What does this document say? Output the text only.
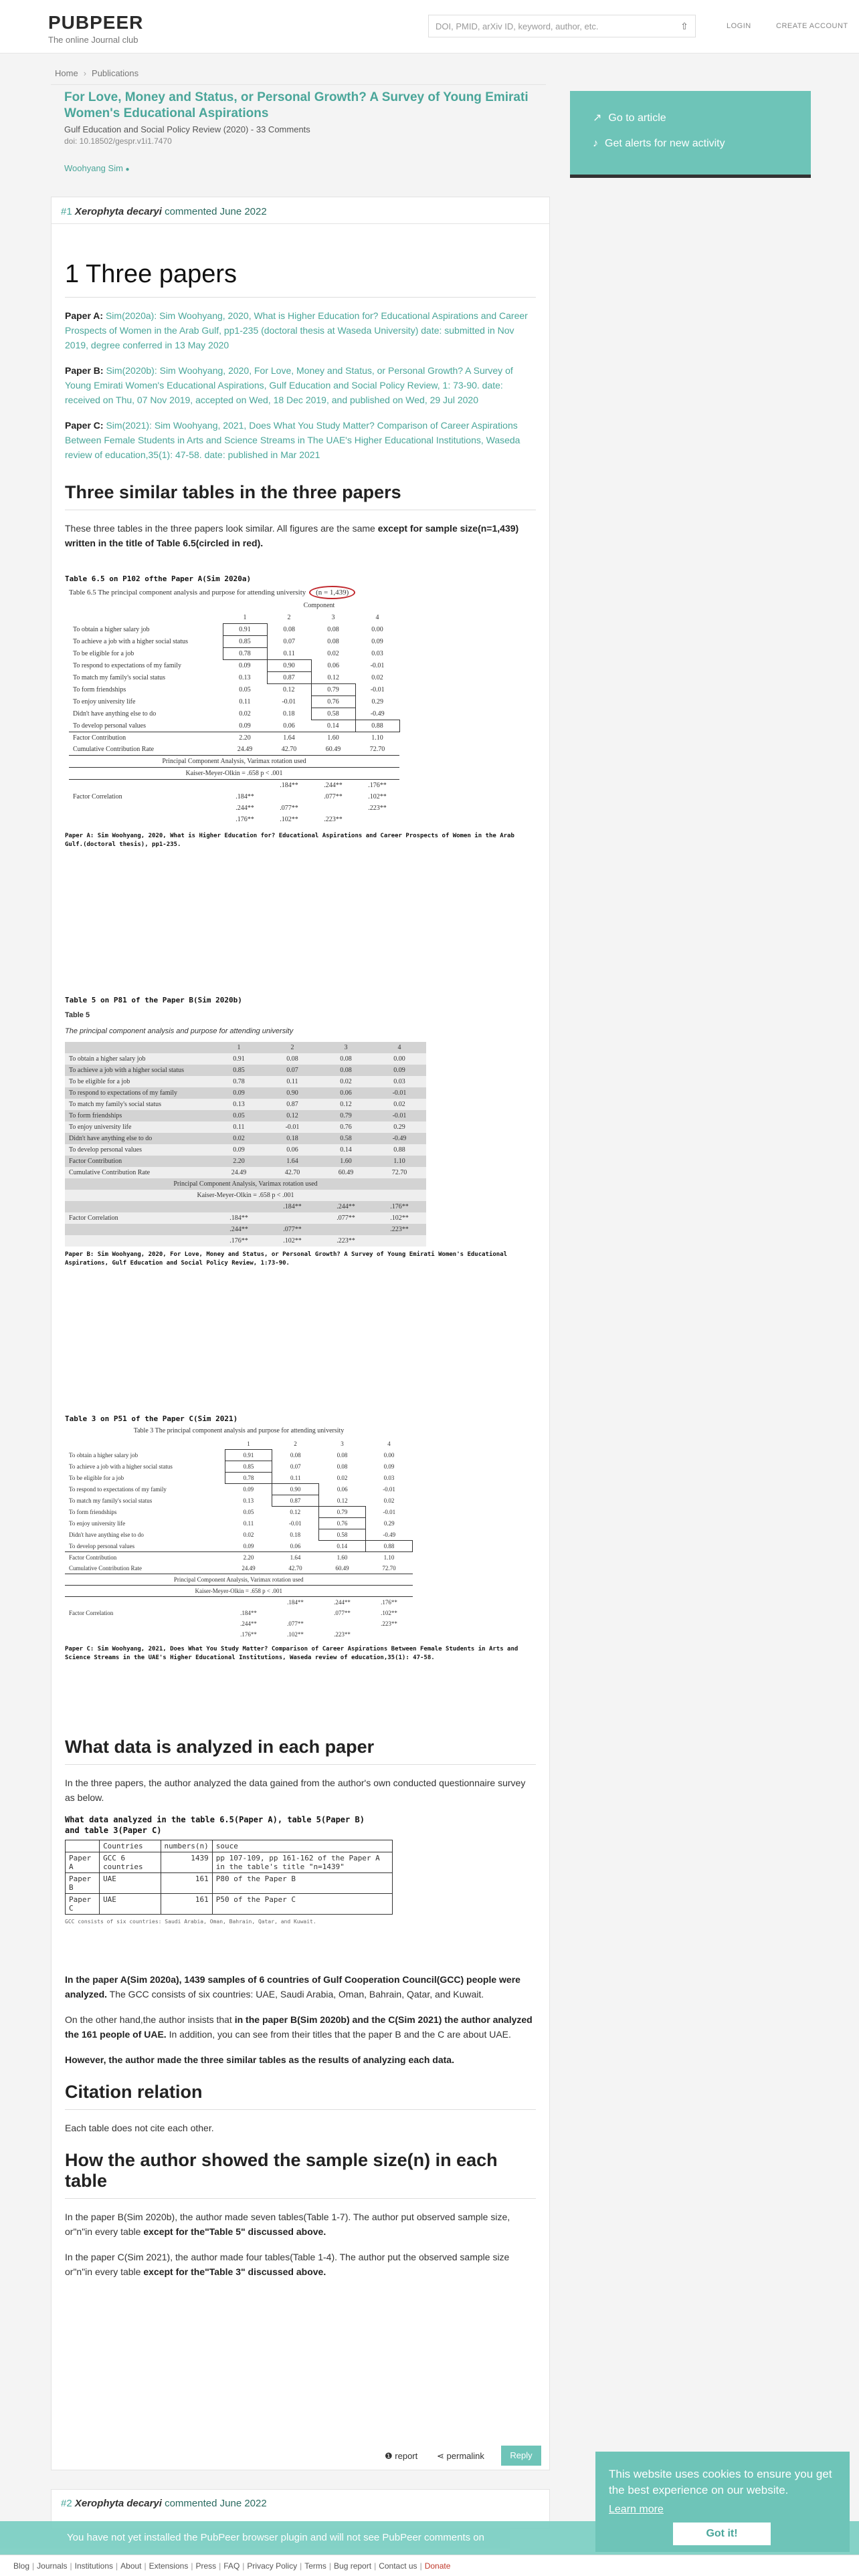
PUBPEER
The online Journal club
DOI, PMID, arXiv ID, keyword, author, etc.	⇧	LOGIN	CREATE ACCOUNT
Home › Publications
For Love, Money and Status, or Personal Growth? A Survey of Young Emirati Women's Educational Aspirations
Gulf Education and Social Policy Review (2020) - 33 Comments
doi: 10.18502/gespr.v1i1.7470
Woohyang Sim ●
↗ Go to article
♪ Get alerts for new activity
#1 Xerophyta decaryi commented June 2022
1 Three papers

Paper A: Sim(2020a): Sim Woohyang, 2020, What is Higher Education for? Educational Aspirations and Career Prospects of Women in the Arab Gulf, pp1-235 (doctoral thesis at Waseda University) date: submitted in Nov 2019, degree conferred in 13 May 2020

Paper B: Sim(2020b): Sim Woohyang, 2020, For Love, Money and Status, or Personal Growth? A Survey of Young Emirati Women's Educational Aspirations, Gulf Education and Social Policy Review, 1: 73-90. date: received on Thu, 07 Nov 2019, accepted on Wed, 18 Dec 2019, and published on Wed, 29 Jul 2020

Paper C: Sim(2021): Sim Woohyang, 2021, Does What You Study Matter? Comparison of Career Aspirations Between Female Students in Arts and Science Streams in The UAE's Higher Educational Institutions, Waseda review of education,35(1): 47-58. date: published in Mar 2021

Three similar tables in the three papers

These three tables in the three papers look similar. All figures are the same except for sample size(n=1,439) written in the title of Table 6.5(circled in red).

Table 6.5 on P102 ofthe Paper A(Sim 2020a)
Table 6.5 The principal component analysis and purpose for attending university (n = 1,439)
Component
	1	2	3	4
To obtain a higher salary job	0.91	0.08	0.08	0.00
To achieve a job with a higher social status	0.85	0.07	0.08	0.09
To be eligible for a job	0.78	0.11	0.02	0.03
To respond to expectations of my family	0.09	0.90	0.06	-0.01
To match my family's social status	0.13	0.87	0.12	0.02
To form friendships	0.05	0.12	0.79	-0.01
To enjoy university life	0.11	-0.01	0.76	0.29
Didn't have anything else to do	0.02	0.18	0.58	-0.49
To develop personal values	0.09	0.06	0.14	0.88
Factor Contribution	2.20	1.64	1.60	1.10
Cumulative Contribution Rate	24.49	42.70	60.49	72.70
Principal Component Analysis, Varimax rotation used				
Kaiser-Meyer-Olkin = .658 p < .001				
		.184**	.244**	.176**
Factor Correlation	.184**		.077**	.102**
	.244**	.077**		.223**
	.176**	.102**	.223**	
Paper A: Sim Woohyang, 2020, What is Higher Education for? Educational Aspirations and Career Prospects of Women in the Arab Gulf.(doctoral thesis), pp1-235.
Table 5 on P81 of the Paper B(Sim 2020b)
Table 5
The principal component analysis and purpose for attending university
	1	2	3	4
To obtain a higher salary job	0.91	0.08	0.08	0.00
To achieve a job with a higher social status	0.85	0.07	0.08	0.09
To be eligible for a job	0.78	0.11	0.02	0.03
To respond to expectations of my family	0.09	0.90	0.06	-0.01
To match my family's social status	0.13	0.87	0.12	0.02
To form friendships	0.05	0.12	0.79	-0.01
To enjoy university life	0.11	-0.01	0.76	0.29
Didn't have anything else to do	0.02	0.18	0.58	-0.49
To develop personal values	0.09	0.06	0.14	0.88
Factor Contribution	2.20	1.64	1.60	1.10
Cumulative Contribution Rate	24.49	42.70	60.49	72.70
Principal Component Analysis, Varimax rotation used				
Kaiser-Meyer-Olkin = .658 p < .001				
		.184**	.244**	.176**
Factor Correlation	.184**		.077**	.102**
	.244**	.077**		.223**
	.176**	.102**	.223**	
Paper B: Sim Woohyang, 2020, For Love, Money and Status, or Personal Growth? A Survey of Young Emirati Women's Educational Aspirations, Gulf Education and Social Policy Review, 1:73-90.
Table 3 on P51 of the Paper C(Sim 2021)
Table 3 The principal component analysis and purpose for attending university
	1	2	3	4
To obtain a higher salary job	0.91	0.08	0.08	0.00
To achieve a job with a higher social status	0.85	0.07	0.08	0.09
To be eligible for a job	0.78	0.11	0.02	0.03
To respond to expectations of my family	0.09	0.90	0.06	-0.01
To match my family's social status	0.13	0.87	0.12	0.02
To form friendships	0.05	0.12	0.79	-0.01
To enjoy university life	0.11	-0.01	0.76	0.29
Didn't have anything else to do	0.02	0.18	0.58	-0.49
To develop personal values	0.09	0.06	0.14	0.88
Factor Contribution	2.20	1.64	1.60	1.10
Cumulative Contribution Rate	24.49	42.70	60.49	72.70
Principal Component Analysis, Varimax rotation used				
Kaiser-Meyer-Olkin = .658 p < .001				
		.184**	.244**	.176**
Factor Correlation	.184**		.077**	.102**
	.244**	.077**		.223**
	.176**	.102**	.223**	
Paper C: Sim Woohyang, 2021, Does What You Study Matter? Comparison of Career Aspirations Between Female Students in Arts and Science Streams in the UAE's Higher Educational Institutions, Waseda review of education,35(1): 47-58.
What data is analyzed in each paper

In the three papers, the author analyzed the data gained from the author's own conducted questionnaire survey as below.

What data analyzed in the table 6.5(Paper A), table 5(Paper B) and table 3(Paper C)
	Countries	numbers(n)	souce
Paper A	GCC 6 countries	1439	pp 107-109, pp 161-162 of the Paper A in the table's title "n=1439"
Paper B	UAE	161	P80 of the Paper B
Paper C	UAE	161	P50 of the Paper C
GCC consists of six countries: Saudi Arabia, Oman, Bahrain, Qatar, and Kuwait.

In the paper A(Sim 2020a), 1439 samples of 6 countries of Gulf Cooperation Council(GCC) people were analyzed. The GCC consists of six countries: UAE, Saudi Arabia, Oman, Bahrain, Qatar, and Kuwait.

On the other hand,the author insists that in the paper B(Sim 2020b) and the C(Sim 2021) the author analyzed the 161 people of UAE. In addition, you can see from their titles that the paper B and the C are about UAE.

However, the author made the three similar tables as the results of analyzing each data.

Citation relation

Each table does not cite each other.

How the author showed the sample size(n) in each table

In the paper B(Sim 2020b), the author made seven tables(Table 1-7). The author put observed sample size, or"n"in every table except for the"Table 5" discussed above.

In the paper C(Sim 2021), the author made four tables(Table 1-4). The author put the observed sample size or"n"in every table except for the"Table 3" discussed above.

❶ report ⋖ permalink	Reply
#2 Xerophyta decaryi commented June 2022
You have not yet installed the PubPeer browser plugin and will not see PubPeer comments on
Blog | Journals | Institutions | About | Extensions | Press | FAQ | Privacy Policy | Terms | Bug report | Contact us | Donate
This website uses cookies to ensure you get the best experience on our website.
Learn more
Got it!
